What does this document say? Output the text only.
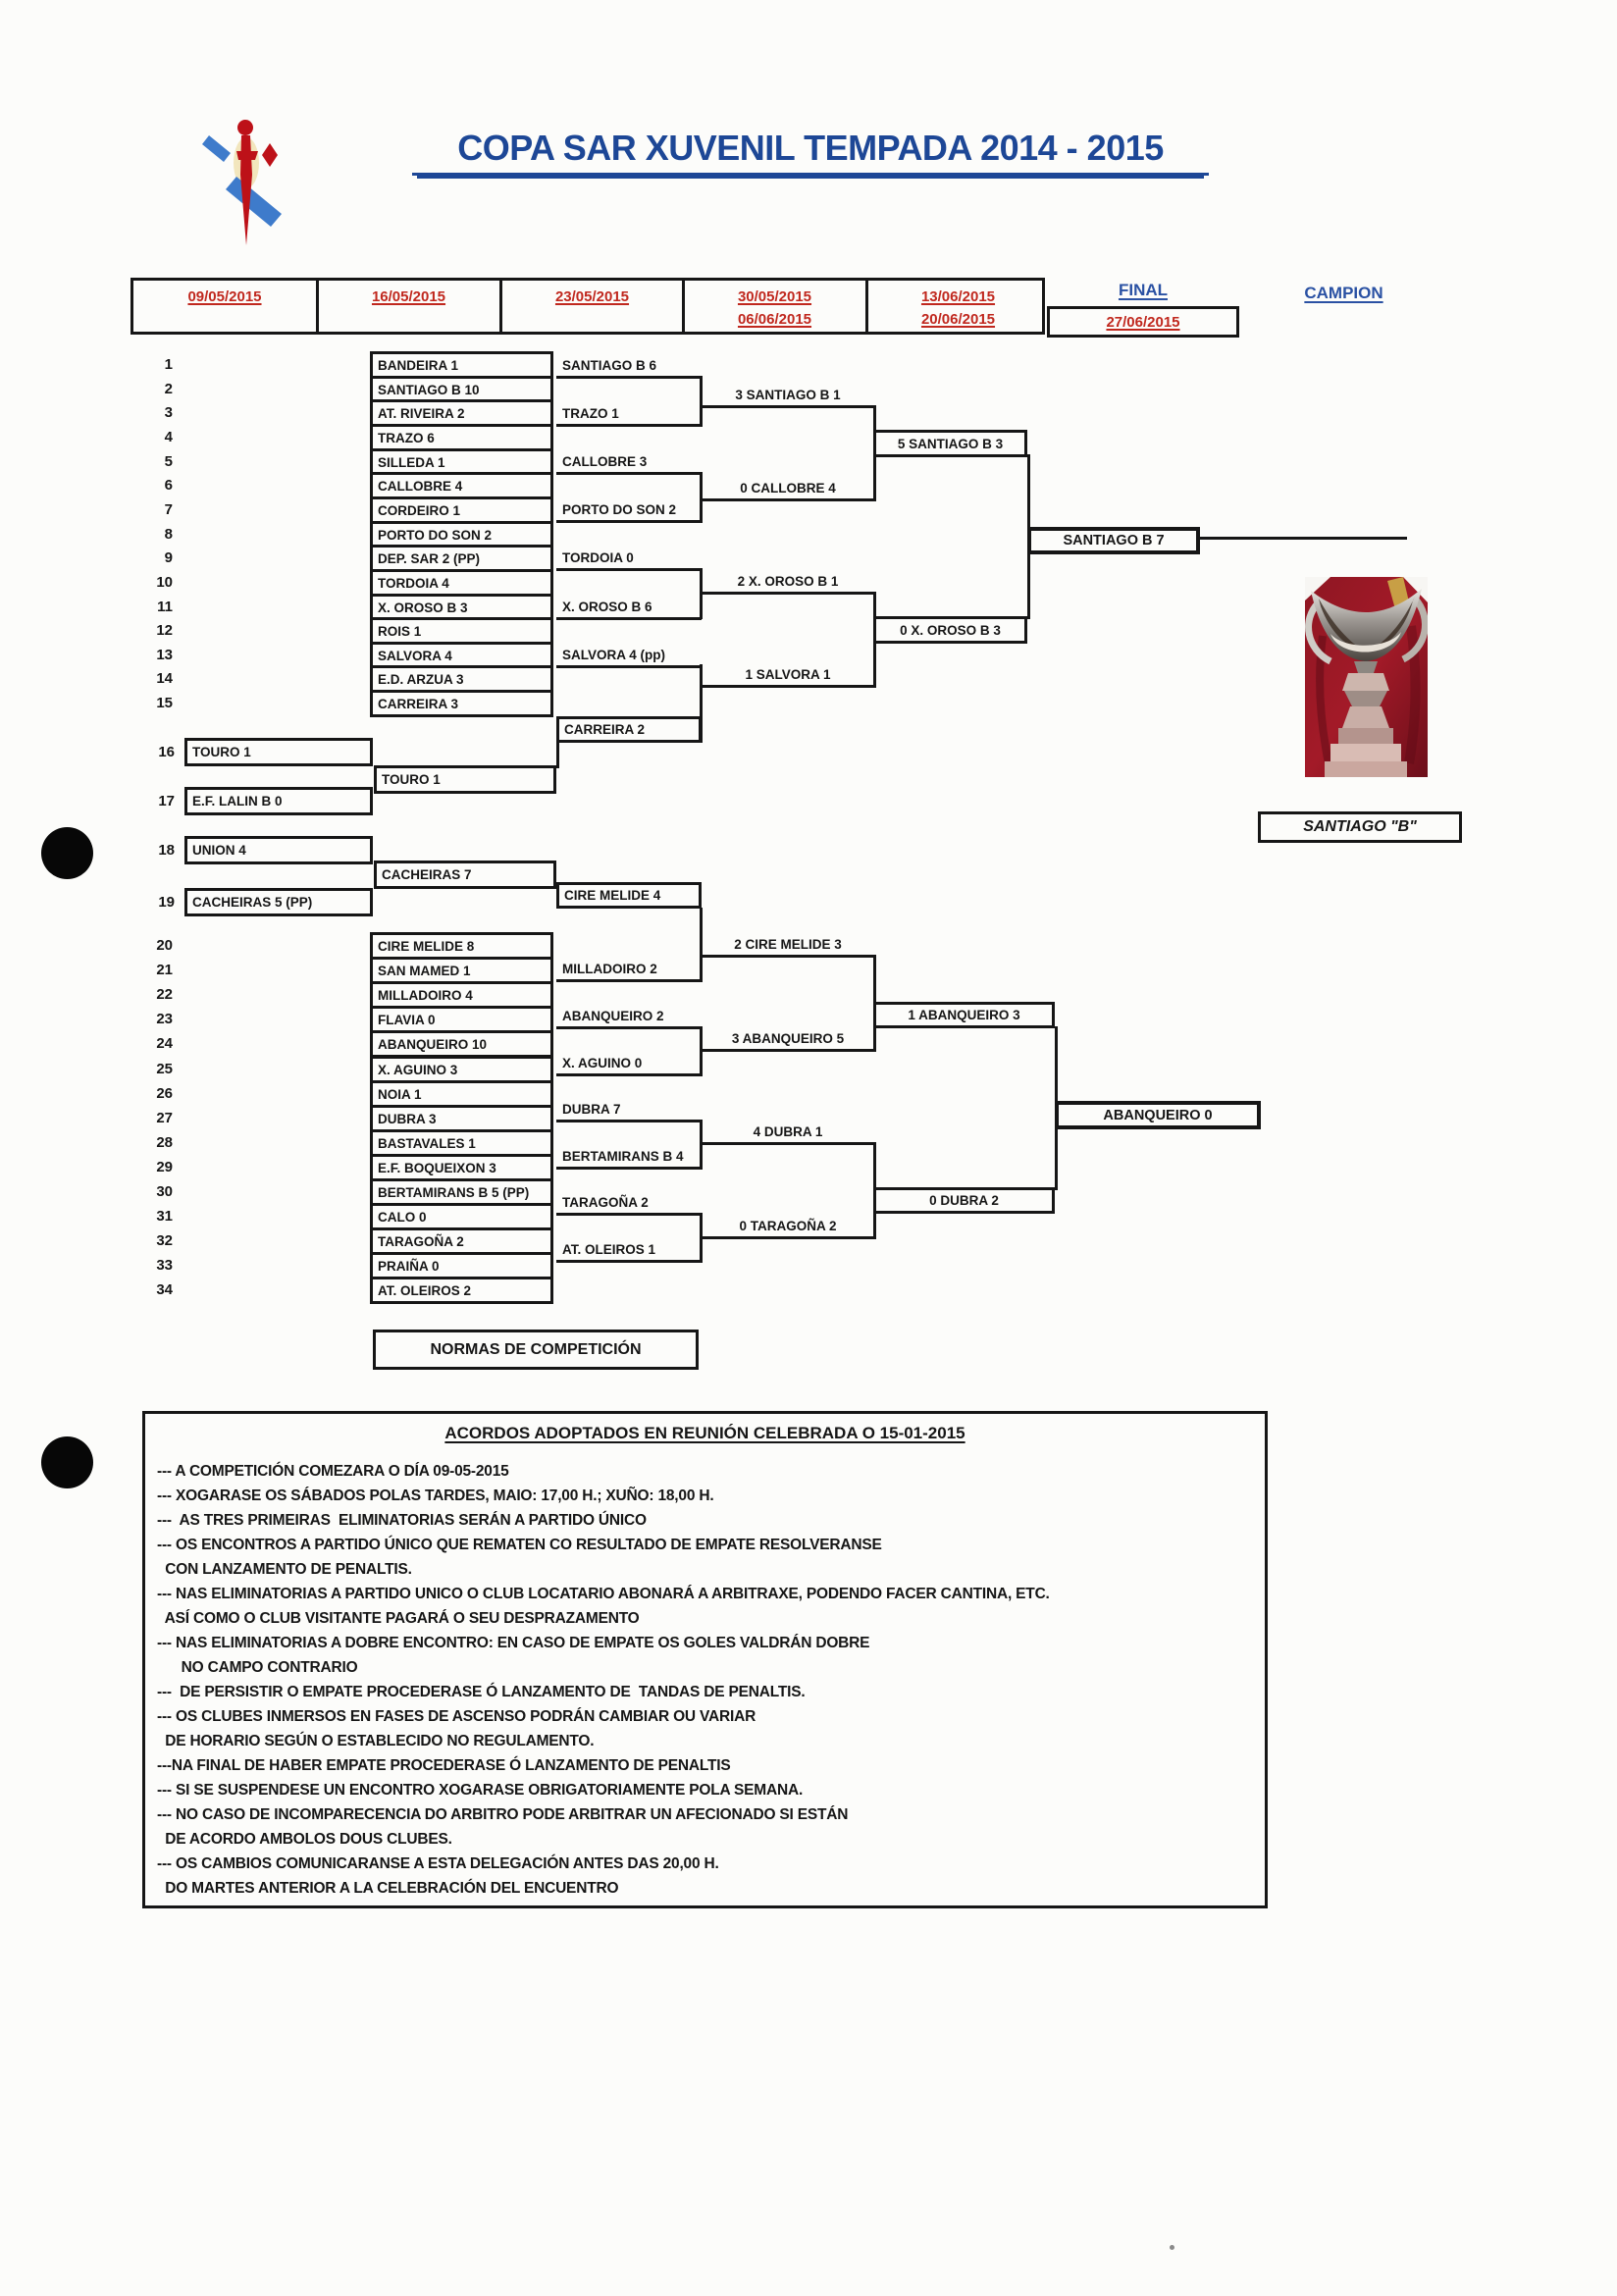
COPA SAR XUVENIL TEMPADA 2014 - 2015
09/05/2015	16/05/2015	23/05/2015	30/05/2015
06/06/2015
13/06/2015
20/06/2015
FINAL
27/06/2015
CAMPION
BANDEIRA 1
1
SANTIAGO B 10
2
AT. RIVEIRA 2
3
TRAZO 6
4
SILLEDA 1
5
CALLOBRE 4
6
CORDEIRO 1
7
PORTO DO SON 2
8
DEP. SAR 2 (PP)
9
TORDOIA 4
10
X. OROSO B 3
11
ROIS 1
12
SALVORA 4
13
E.D. ARZUA 3
14
CARREIRA 3
15
CIRE MELIDE 8
20
SAN MAMED 1
21
MILLADOIRO 4
22
FLAVIA 0
23
ABANQUEIRO 10
24
X. AGUINO 3
25
NOIA 1
26
DUBRA 3
27
BASTAVALES 1
28
E.F. BOQUEIXON 3
29
BERTAMIRANS B 5 (PP)
30
CALO 0
31
TARAGOÑA 2
32
PRAIÑA 0
33
AT. OLEIROS 2
34
TOURO 1
16
E.F. LALIN B 0
17
UNION 4
18
CACHEIRAS 5 (PP)
19
TOURO 1
CACHEIRAS 7
CARREIRA 2
CIRE MELIDE 4
SANTIAGO B 6
TRAZO 1
CALLOBRE 3
PORTO DO SON 2
TORDOIA 0
X. OROSO B 6
SALVORA 4 (pp)
MILLADOIRO 2
ABANQUEIRO 2
X. AGUINO 0
DUBRA 7
BERTAMIRANS B 4
TARAGOÑA 2
AT. OLEIROS 1
3 SANTIAGO B 1
0 CALLOBRE 4
2 X. OROSO B 1
1 SALVORA 1
2 CIRE MELIDE 3
3 ABANQUEIRO 5
4 DUBRA 1
0 TARAGOÑA 2
5 SANTIAGO B 3
0 X. OROSO B 3
1 ABANQUEIRO 3
0 DUBRA 2
SANTIAGO B 7
ABANQUEIRO 0
SANTIAGO "B"
NORMAS DE COMPETICIÓN
ACORDOS ADOPTADOS EN REUNIÓN CELEBRADA O 15-01-2015
--- A COMPETICIÓN COMEZARA O DÍA 09-05-2015
--- XOGARASE OS SÁBADOS POLAS TARDES, MAIO: 17,00 H.; XUÑO: 18,00 H.
---  AS TRES PRIMEIRAS  ELIMINATORIAS SERÁN A PARTIDO ÚNICO
--- OS ENCONTROS A PARTIDO ÚNICO QUE REMATEN CO RESULTADO DE EMPATE RESOLVERANSE
CON LANZAMENTO DE PENALTIS.
--- NAS ELIMINATORIAS A PARTIDO UNICO O CLUB LOCATARIO ABONARÁ A ARBITRAXE, PODENDO FACER CANTINA, ETC.
ASÍ COMO O CLUB VISITANTE PAGARÁ O SEU DESPRAZAMENTO
--- NAS ELIMINATORIAS A DOBRE ENCONTRO: EN CASO DE EMPATE OS GOLES VALDRÁN DOBRE
NO CAMPO CONTRARIO
---  DE PERSISTIR O EMPATE PROCEDERASE Ó LANZAMENTO DE  TANDAS DE PENALTIS.
--- OS CLUBES INMERSOS EN FASES DE ASCENSO PODRÁN CAMBIAR OU VARIAR
DE HORARIO SEGÚN O ESTABLECIDO NO REGULAMENTO.
---NA FINAL DE HABER EMPATE PROCEDERASE Ó LANZAMENTO DE PENALTIS
--- SI SE SUSPENDESE UN ENCONTRO XOGARASE OBRIGATORIAMENTE POLA SEMANA.
--- NO CASO DE INCOMPARECENCIA DO ARBITRO PODE ARBITRAR UN AFECIONADO SI ESTÁN
DE ACORDO AMBOLOS DOUS CLUBES.
--- OS CAMBIOS COMUNICARANSE A ESTA DELEGACIÓN ANTES DAS 20,00 H.
DO MARTES ANTERIOR A LA CELEBRACIÓN DEL ENCUENTRO
